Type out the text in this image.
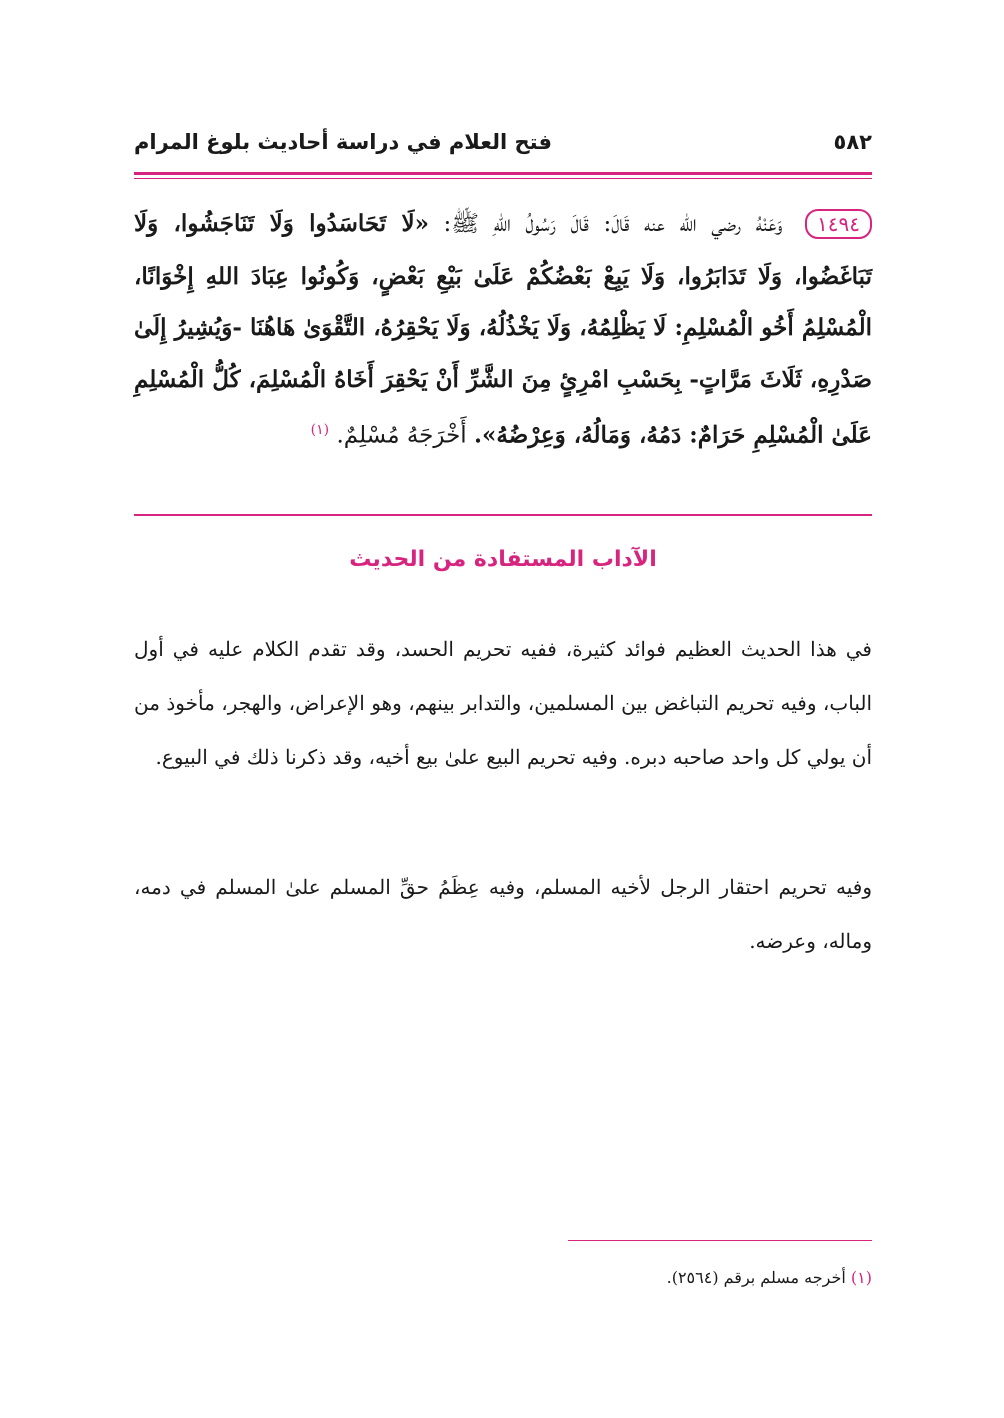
٥٨٢
فتح العلام في دراسة أحاديث بلوغ المرام
١٤٩٤ وَعَنْهُ رضي الله عنه قَالَ: قَالَ رَسُولُ اللهِ ﷺ: «لَا تَحَاسَدُوا وَلَا تَنَاجَشُوا، وَلَا
تَبَاغَضُوا، وَلَا تَدَابَرُوا، وَلَا يَبِعْ بَعْضُكُمْ عَلَىٰ بَيْعِ بَعْضٍ، وَكُونُوا عِبَادَ اللهِ إِخْوَانًا،
الْمُسْلِمُ أَخُو الْمُسْلِمِ: لَا يَظْلِمُهُ، وَلَا يَخْذُلُهُ، وَلَا يَحْقِرُهُ، التَّقْوَىٰ هَاهُنَا -وَيُشِيرُ إِلَىٰ
صَدْرِهِ، ثَلَاثَ مَرَّاتٍ- بِحَسْبِ امْرِئٍ مِنَ الشَّرِّ أَنْ يَحْقِرَ أَخَاهُ الْمُسْلِمَ، كُلُّ الْمُسْلِمِ
عَلَىٰ الْمُسْلِمِ حَرَامٌ: دَمُهُ، وَمَالُهُ، وَعِرْضُهُ». أَخْرَجَهُ مُسْلِمٌ. $^{(١)}$
الآداب المستفادة من الحديث
في هذا الحديث العظيم فوائد كثيرة، ففيه تحريم الحسد، وقد تقدم الكلام عليه في أول الباب، وفيه تحريم التباغض بين المسلمين، والتدابر بينهم، وهو الإعراض، والهجر، مأخوذ من أن يولي كل واحد صاحبه دبره. وفيه تحريم البيع علىٰ بيع أخيه، وقد ذكرنا ذلك في البيوع.
وفيه تحريم احتقار الرجل لأخيه المسلم، وفيه عِظَمُ حقِّ المسلم علىٰ المسلم في دمه، وماله، وعرضه.
(١) أخرجه مسلم برقم (٢٥٦٤).
